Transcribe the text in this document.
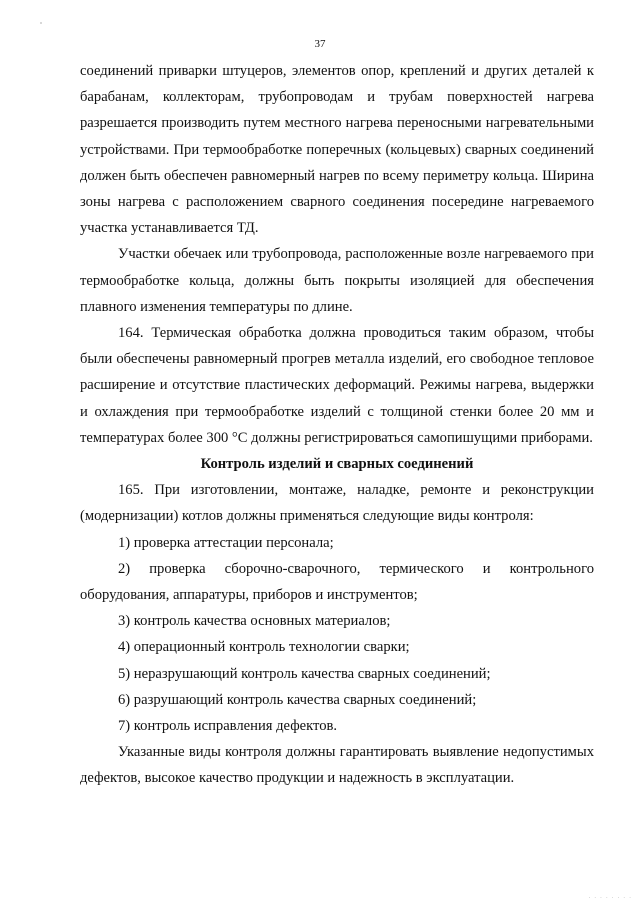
37

соединений приварки штуцеров, элементов опор, креплений и других деталей к барабанам, коллекторам, трубопроводам и трубам поверхностей нагрева разрешается производить путем местного нагрева переносными нагревательными устройствами. При термообработке поперечных (кольцевых) сварных соединений должен быть обеспечен равномерный нагрев по всему периметру кольца. Ширина зоны нагрева с расположением сварного соединения посередине нагреваемого участка устанавливается ТД.

Участки обечаек или трубопровода, расположенные возле нагреваемого при термообработке кольца, должны быть покрыты изоляцией для обеспечения плавного изменения температуры по длине.

164. Термическая обработка должна проводиться таким образом, чтобы были обеспечены равномерный прогрев металла изделий, его свободное тепловое расширение и отсутствие пластических деформаций. Режимы нагрева, выдержки и охлаждения при термообработке изделий с толщиной стенки более 20 мм и температурах более 300 °С должны регистрироваться самопишущими приборами.

Контроль изделий и сварных соединений

165. При изготовлении, монтаже, наладке, ремонте и реконструкции (модернизации) котлов должны применяться следующие виды контроля:

1) проверка аттестации персонала;

2) проверка сборочно-сварочного, термического и контрольного оборудования, аппаратуры, приборов и инструментов;

3) контроль качества основных материалов;

4) операционный контроль технологии сварки;

5) неразрушающий контроль качества сварных соединений;

6) разрушающий контроль качества сварных соединений;

7) контроль исправления дефектов.

Указанные виды контроля должны гарантировать выявление недопустимых дефектов, высокое качество продукции и надежность в эксплуатации.

· · · · · · · ·
